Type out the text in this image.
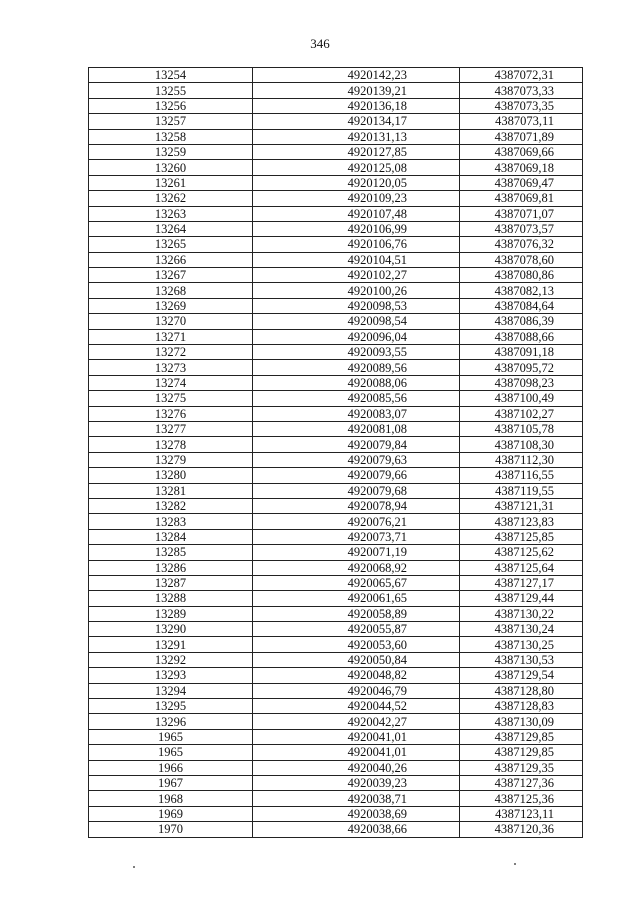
346
13254	4920142,23	4387072,31
13255	4920139,21	4387073,33
13256	4920136,18	4387073,35
13257	4920134,17	4387073,11
13258	4920131,13	4387071,89
13259	4920127,85	4387069,66
13260	4920125,08	4387069,18
13261	4920120,05	4387069,47
13262	4920109,23	4387069,81
13263	4920107,48	4387071,07
13264	4920106,99	4387073,57
13265	4920106,76	4387076,32
13266	4920104,51	4387078,60
13267	4920102,27	4387080,86
13268	4920100,26	4387082,13
13269	4920098,53	4387084,64
13270	4920098,54	4387086,39
13271	4920096,04	4387088,66
13272	4920093,55	4387091,18
13273	4920089,56	4387095,72
13274	4920088,06	4387098,23
13275	4920085,56	4387100,49
13276	4920083,07	4387102,27
13277	4920081,08	4387105,78
13278	4920079,84	4387108,30
13279	4920079,63	4387112,30
13280	4920079,66	4387116,55
13281	4920079,68	4387119,55
13282	4920078,94	4387121,31
13283	4920076,21	4387123,83
13284	4920073,71	4387125,85
13285	4920071,19	4387125,62
13286	4920068,92	4387125,64
13287	4920065,67	4387127,17
13288	4920061,65	4387129,44
13289	4920058,89	4387130,22
13290	4920055,87	4387130,24
13291	4920053,60	4387130,25
13292	4920050,84	4387130,53
13293	4920048,82	4387129,54
13294	4920046,79	4387128,80
13295	4920044,52	4387128,83
13296	4920042,27	4387130,09
1965	4920041,01	4387129,85
1965	4920041,01	4387129,85
1966	4920040,26	4387129,35
1967	4920039,23	4387127,36
1968	4920038,71	4387125,36
1969	4920038,69	4387123,11
1970	4920038,66	4387120,36
